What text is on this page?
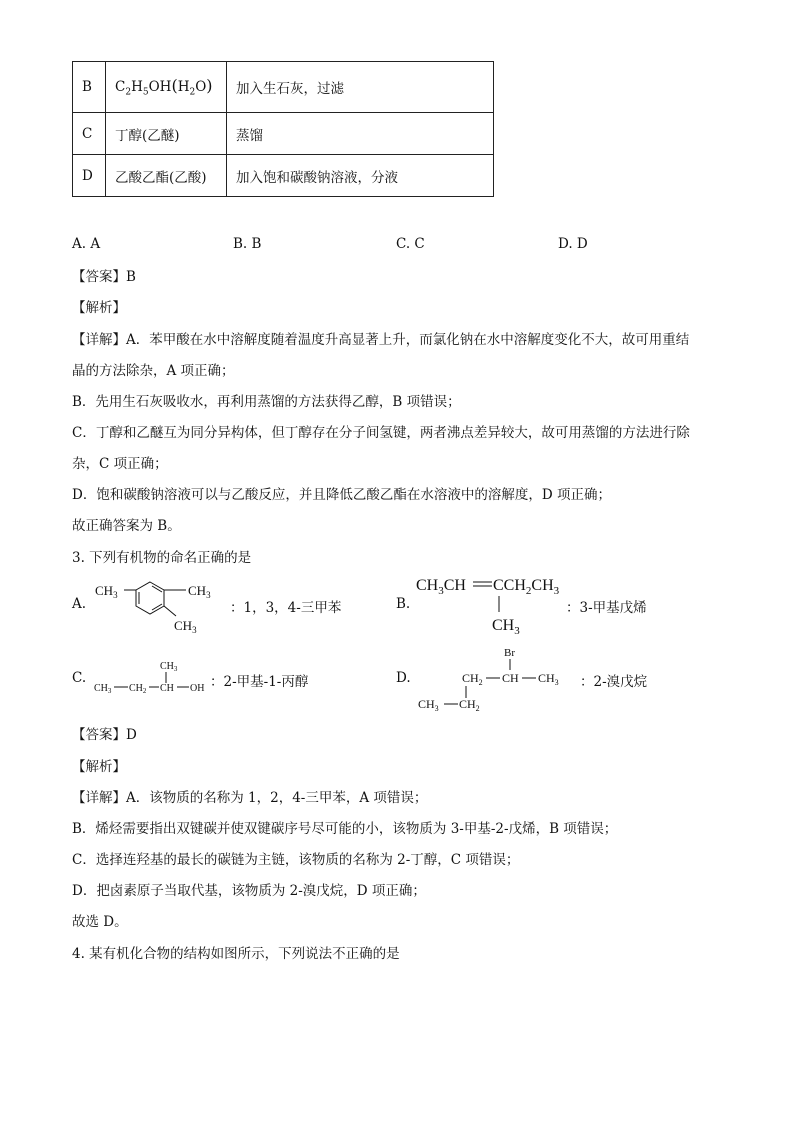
B	$C_2H_5OH(H_2O)$	加入生石灰，过滤
C	丁醇(乙醚)	蒸馏
D	乙酸乙酯(乙酸)	加入饱和碳酸钠溶液，分液
A. A	B. B	C. C	D. D
【答案】B
【解析】
【详解】A．苯甲酸在水中溶解度随着温度升高显著上升，而氯化钠在水中溶解度变化不大，故可用重结
晶的方法除杂，A 项正确；
B．先用生石灰吸收水，再利用蒸馏的方法获得乙醇，B 项错误；
C．丁醇和乙醚互为同分异构体，但丁醇存在分子间氢键，两者沸点差异较大，故可用蒸馏的方法进行除
杂，C 项正确；
D．饱和碳酸钠溶液可以与乙酸反应，并且降低乙酸乙酯在水溶液中的溶解度，D 项正确；
故正确答案为 B。
3. 下列有机物的命名正确的是
A.
$CH_3$	$CH_3$
$CH_3$
：1，3，4-三甲苯	B.
$CH_3CH$ $CCH_2CH_3$
$CH_3$
：3-甲基戊烯
C.
$CH_3$
$CH_3$ $CH_2$ CH OH ：2-甲基-1-丙醇	D.
Br
$CH_2$ CH $CH_3$
$CH_3$ $CH_2$
：2-溴戊烷
【答案】D
【解析】
【详解】A．该物质的名称为 1，2，4-三甲苯，A 项错误；
B．烯烃需要指出双键碳并使双键碳序号尽可能的小，该物质为 3-甲基-2-戊烯，B 项错误；
C．选择连羟基的最长的碳链为主链，该物质的名称为 2-丁醇，C 项错误；
D．把卤素原子当取代基，该物质为 2-溴戊烷，D 项正确；
故选 D。
4. 某有机化合物的结构如图所示，下列说法不正确的是
